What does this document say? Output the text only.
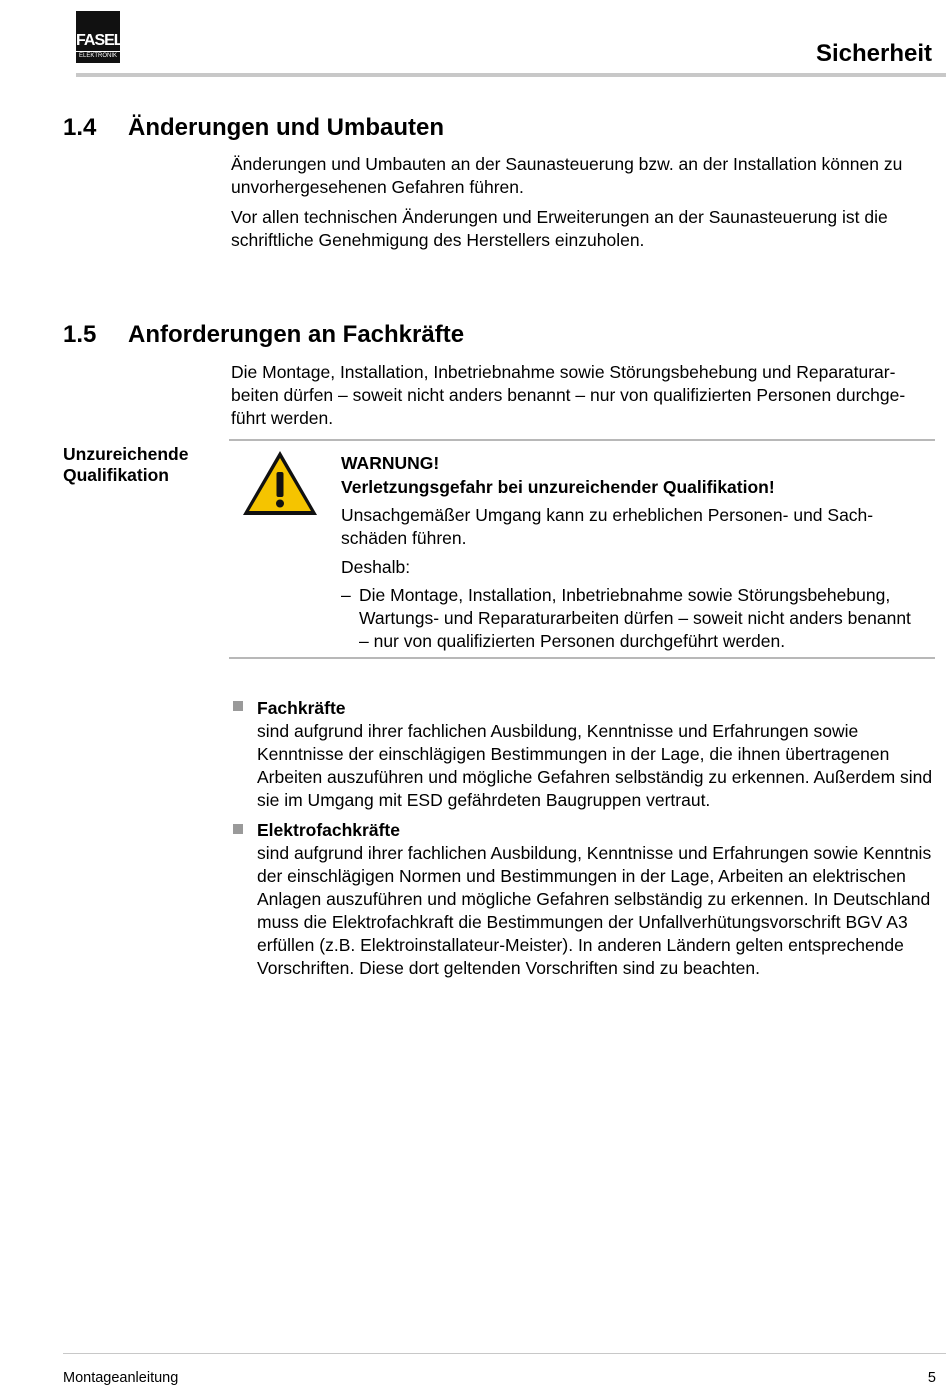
FASEL
ELEKTRONIK	Sicherheit
1.4 Änderungen und Umbauten

Änderungen und Umbauten an der Saunasteuerung bzw. an der Installation können zu unvorhergesehenen Gefahren führen.

Vor allen technischen Änderungen und Erweiterungen an der Saunasteuerung ist die schriftliche Genehmigung des Herstellers einzuholen.

1.5 Anforderungen an Fachkräfte

Die Montage, Installation, Inbetriebnahme sowie Störungsbehebung und Reparaturarbeiten dürfen – soweit nicht anders benannt – nur von qualifizierten Personen durchgeführt werden.

Unzureichende Qualifikation

WARNUNG!

Verletzungsgefahr bei unzureichender Qualifikation!

Unsachgemäßer Umgang kann zu erheblichen Personen- und Sachschäden führen.

Deshalb:

– Die Montage, Installation, Inbetriebnahme sowie Störungsbehebung, Wartungs- und Reparaturarbeiten dürfen – soweit nicht anders benannt – nur von qualifizierten Personen durchgeführt werden.
Fachkräfte

sind aufgrund ihrer fachlichen Ausbildung, Kenntnisse und Erfahrungen sowie Kenntnisse der einschlägigen Bestimmungen in der Lage, die ihnen übertragenen Arbeiten auszuführen und mögliche Gefahren selbständig zu erkennen. Außerdem sind sie im Umgang mit ESD gefährdeten Baugruppen vertraut.

Elektrofachkräfte

sind aufgrund ihrer fachlichen Ausbildung, Kenntnisse und Erfahrungen sowie Kenntnis der einschlägigen Normen und Bestimmungen in der Lage, Arbeiten an elektrischen Anlagen auszuführen und mögliche Gefahren selbständig zu erkennen. In Deutschland muss die Elektrofachkraft die Bestimmungen der Unfallverhütungsvorschrift BGV A3 erfüllen (z.B. Elektroinstallateur-Meister). In anderen Ländern gelten entsprechende Vorschriften. Diese dort geltenden Vorschriften sind zu beachten.

Montageanleitung	5
